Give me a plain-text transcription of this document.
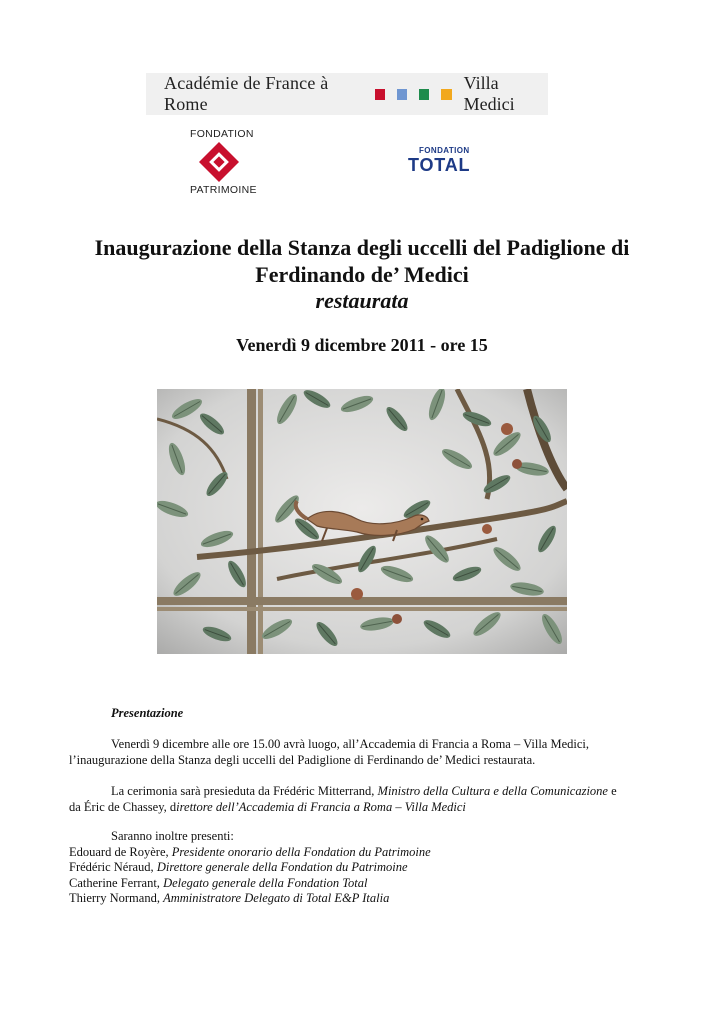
Académie de France à Rome
Villa Medici
FONDATION
PATRIMOINE
FONDATION
TOTAL
Inaugurazione della Stanza degli uccelli del Padiglione di
Ferdinando de’ Medici
restaurata
Venerdì 9 dicembre 2011 - ore 15
Presentazione
Venerdì 9 dicembre alle ore 15.00 avrà luogo, all’Accademia di Francia a Roma – Villa Medici,
l’inaugurazione della Stanza degli uccelli del Padiglione di Ferdinando de’ Medici restaurata.
La cerimonia sarà presieduta da Frédéric Mitterrand, Ministro della Cultura e della Comunicazione e
da Éric de Chassey, direttore dell’Accademia di Francia a Roma – Villa Medici
Saranno inoltre presenti:
Edouard de Royère, Presidente onorario della Fondation du Patrimoine
Frédéric Néraud, Direttore generale della Fondation du Patrimoine
Catherine Ferrant, Delegato generale della Fondation Total
Thierry Normand, Amministratore Delegato di Total E&P Italia
